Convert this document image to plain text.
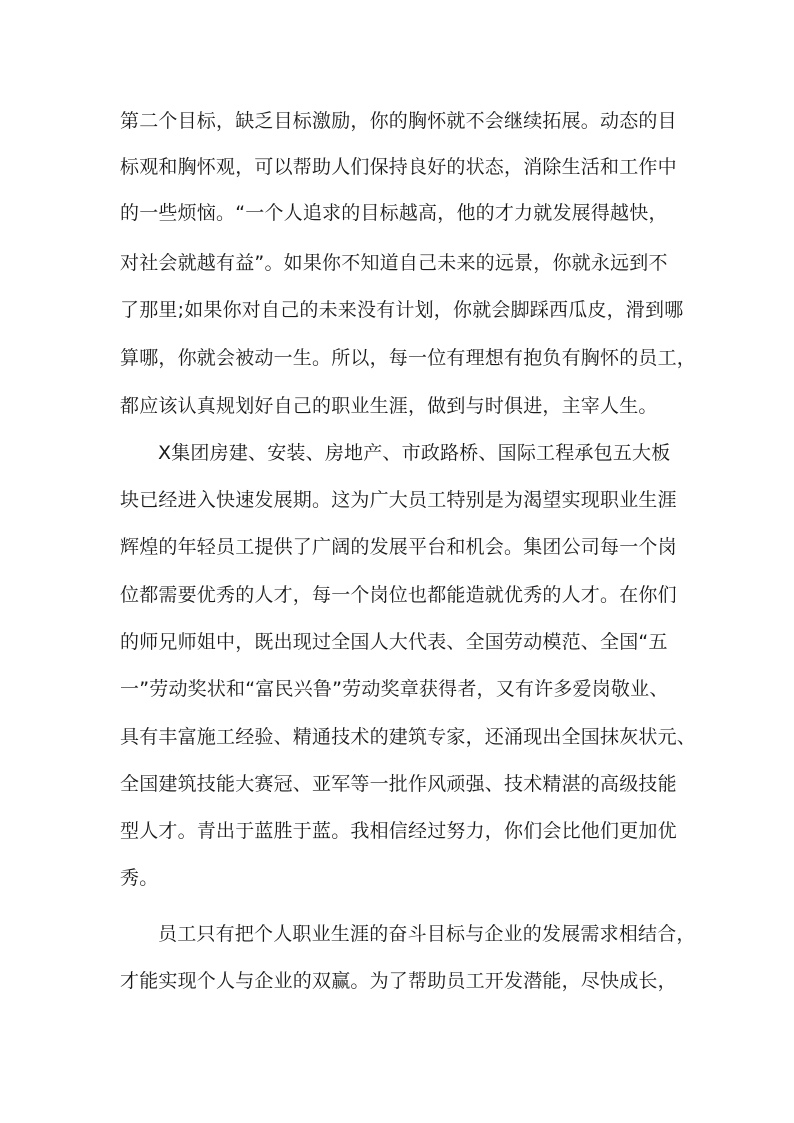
第二个目标，缺乏目标激励，你的胸怀就不会继续拓展。动态的目
标观和胸怀观，可以帮助人们保持良好的状态，消除生活和工作中
的一些烦恼。“一个人追求的目标越高，他的才力就发展得越快，
对社会就越有益”。如果你不知道自己未来的远景，你就永远到不
了那里;如果你对自己的未来没有计划，你就会脚踩西瓜皮，滑到哪
算哪，你就会被动一生。所以，每一位有理想有抱负有胸怀的员工，
都应该认真规划好自己的职业生涯，做到与时俱进，主宰人生。
X集团房建、安装、房地产、市政路桥、国际工程承包五大板
块已经进入快速发展期。这为广大员工特别是为渴望实现职业生涯
辉煌的年轻员工提供了广阔的发展平台和机会。集团公司每一个岗
位都需要优秀的人才，每一个岗位也都能造就优秀的人才。在你们
的师兄师姐中，既出现过全国人大代表、全国劳动模范、全国“五
一”劳动奖状和“富民兴鲁”劳动奖章获得者，又有许多爱岗敬业、
具有丰富施工经验、精通技术的建筑专家，还涌现出全国抹灰状元、
全国建筑技能大赛冠、亚军等一批作风顽强、技术精湛的高级技能
型人才。青出于蓝胜于蓝。我相信经过努力，你们会比他们更加优
秀。
员工只有把个人职业生涯的奋斗目标与企业的发展需求相结合，
才能实现个人与企业的双赢。为了帮助员工开发潜能，尽快成长，
